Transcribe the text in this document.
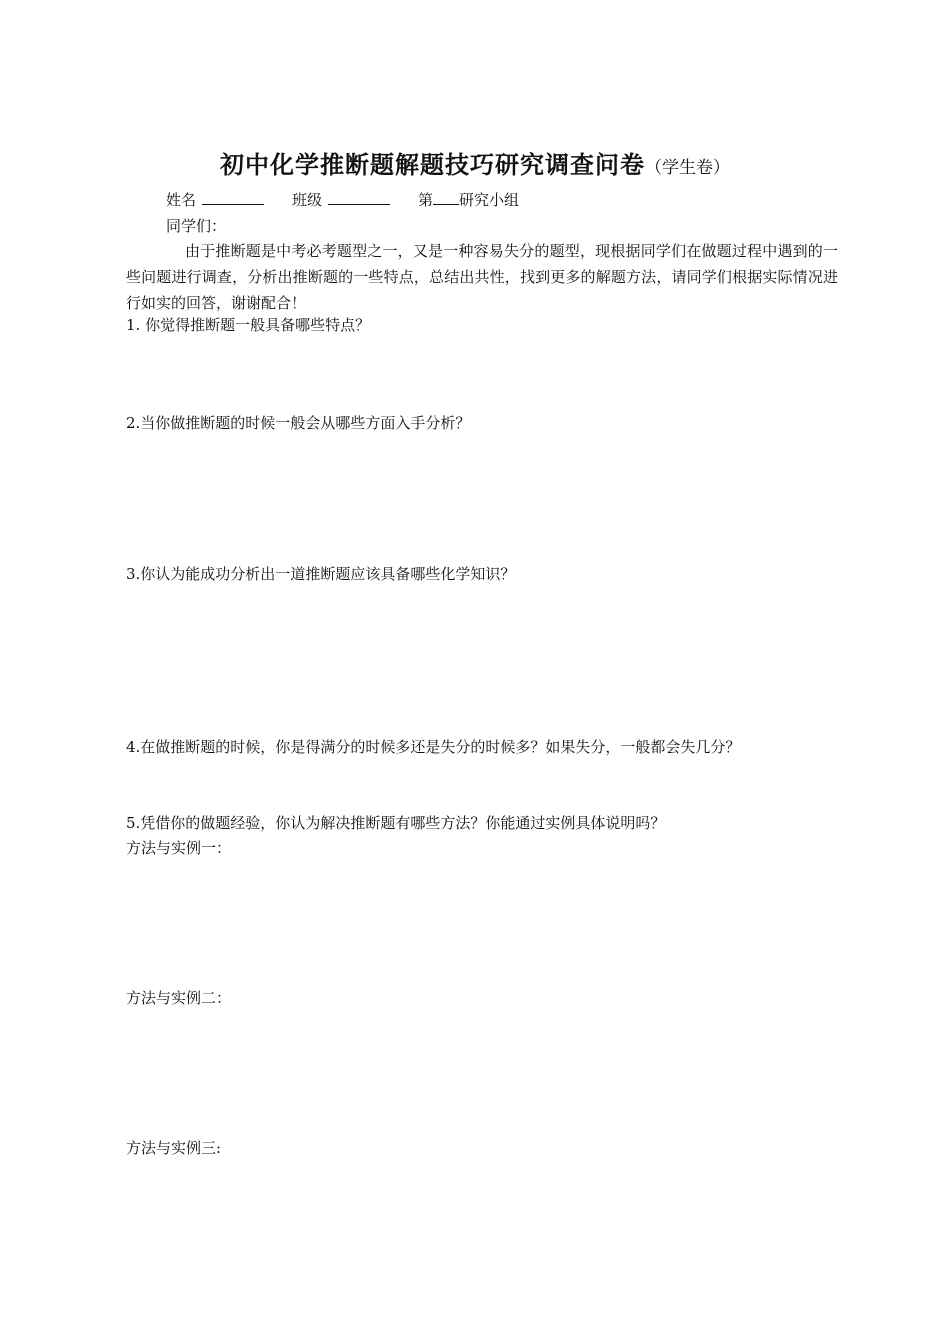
初中化学推断题解题技巧研究调查问卷（学生卷）
姓名	班级	第 研究小组
同学们：
由于推断题是中考必考题型之一，又是一种容易失分的题型，现根据同学们在做题过程中遇到的一些问题进行调查，分析出推断题的一些特点，总结出共性，找到更多的解题方法，请同学们根据实际情况进行如实的回答，谢谢配合！
1. 你觉得推断题一般具备哪些特点？
2.当你做推断题的时候一般会从哪些方面入手分析？
3.你认为能成功分析出一道推断题应该具备哪些化学知识？
4.在做推断题的时候，你是得满分的时候多还是失分的时候多？如果失分，一般都会失几分？
5.凭借你的做题经验，你认为解决推断题有哪些方法？你能通过实例具体说明吗？
方法与实例一：
方法与实例二：
方法与实例三:
